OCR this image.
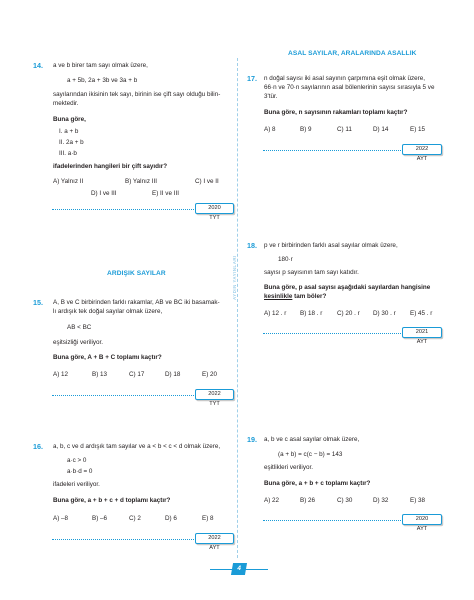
14. a ve b birer tam sayı olmak üzere,
a + 5b, 2a + 3b ve 3a + b
sayılarından ikisinin tek sayı, birinin ise çift sayı olduğu bilin-
mektedir.
Buna göre,
I. a + b
II. 2a + b
III. a·b
ifadelerinden hangileri bir çift sayıdır?
A) Yalnız II	B) Yalnız III	C) I ve II
D) I ve III	E) II ve III
2020 TYT
ARDIŞIK SAYILAR
15. A, B ve C birbirinden farklı rakamlar, AB ve BC iki basamak-
lı ardışık tek doğal sayılar olmak üzere,
AB < BC
eşitsizliği veriliyor.
Buna göre, A + B + C toplamı kaçtır?
A) 12	B) 13	C) 17	D) 18	E) 20
2022 TYT
16. a, b, c ve d ardışık tam sayılar ve a < b < c < d olmak üzere,
a·c > 0
a·b·d = 0
ifadeleri veriliyor.
Buna göre, a + b + c + d toplamı kaçtır?
A) –8	B) –6	C) 2	D) 6	E) 8
2022 AYT
AYDIN YAYINLARI
ASAL SAYILAR, ARALARINDA ASALLIK
17. n doğal sayısı iki asal sayının çarpımına eşit olmak üzere,
66·n ve 70·n sayılarının asal bölenlerinin sayısı sırasıyla 5 ve
3'tür.
Buna göre, n sayısının rakamları toplamı kaçtır?
A) 8	B) 9	C) 11	D) 14	E) 15
2022 AYT
18. p ve r birbirinden farklı asal sayılar olmak üzere,
180·r
sayısı p sayısının tam sayı katıdır.
Buna göre, p asal sayısı aşağıdaki sayılardan hangisine
kesinlikle tam böler?
A) 12 . r B) 18 . r C) 20 . r D) 30 . r E) 45 . r
2021 AYT
19. a, b ve c asal sayılar olmak üzere,
(a + b) = c(c − b) = 143
eşitlikleri veriliyor.
Buna göre, a + b + c toplamı kaçtır?
A) 22	B) 26	C) 30	D) 32	E) 38
2020 AYT
4
